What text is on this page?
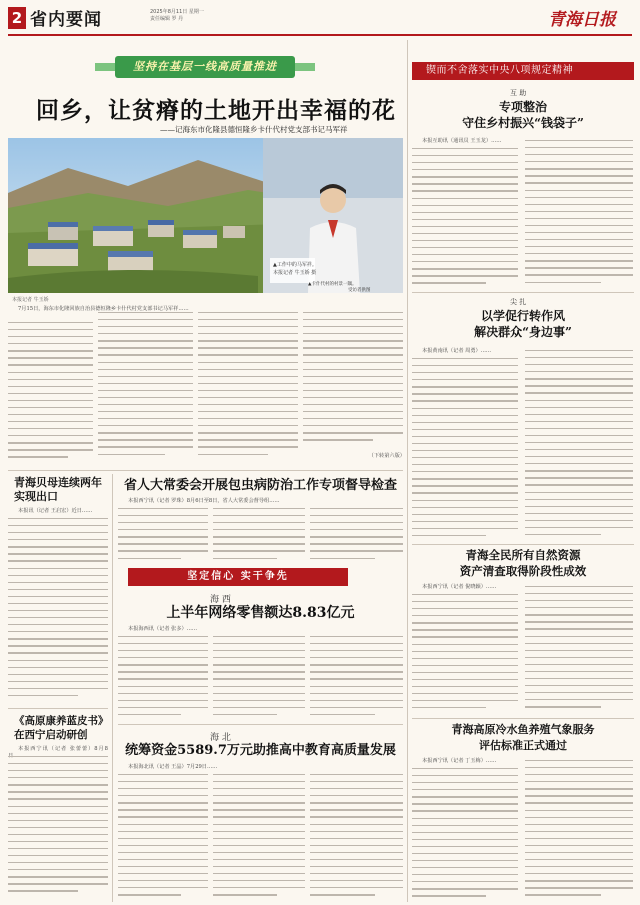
2 省内要闻	2025年8月11日 星期一
责任编辑 罗 丹	青海日报
坚持在基层一线高质量推进
回乡，让贫瘠的土地开出幸福的花
——记海东市化隆县德恒隆乡卡什代村党支部书记马军祥
▲工作中的马军祥。
本报记者 牛玉娇 摄
▲卡什代村的村景一隅。
受访者供图
本报记者 牛玉娇

7月15日，海东市化隆回族自治县德恒隆乡卡什代村党支部书记马军祥……

（下转第六版）
青海贝母连续两年实现出口

本报讯（记者 王启宏）近日……

《高原康养蓝皮书》在西宁启动研创

本报西宁讯（记者 张蕾蕾）8月8

省人大常委会开展包虫病防治工作专项督导检查

本报西宁讯（记者 罗珠）8月6日至8日，省人大常委会督导组……

坚定信心 实干争先
海 西
上半年网络零售额达8.83亿元

本报海西讯（记者 张多）……

海 北
统筹资金5589.7万元助推高中教育高质量发展

本报海北讯（记者 王晶）7月29日……

锲而不舍落实中央八项规定精神
互 助
专项整治
守住乡村振兴“钱袋子”

本报互助讯（通讯员 王玉龙）……

尖 扎
以学促行转作风
解决群众“身边事”

本报黄南讯（记者 周勇）……

青海全民所有自然资源
资产清查取得阶段性成效

本报西宁讯（记者 倪晓颖）……

青海高原冷水鱼养殖气象服务
评估标准正式通过

本报西宁讯（记者 丁玉梅）……
